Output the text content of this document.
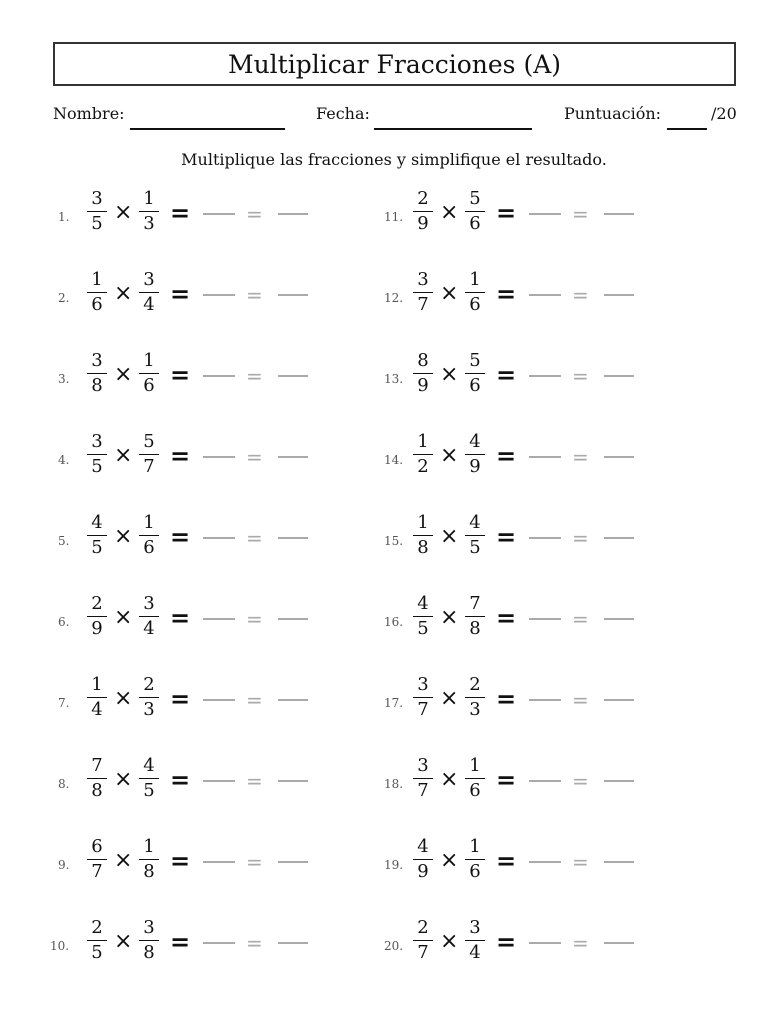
Multiplicar Fracciones (A)
Nombre:	Fecha:	Puntuación:	/20
Multiplique las fracciones y simplifique el resultado.
1. $\frac{3}{5} \times \frac{1}{3}$ =	=
2. $\frac{1}{6} \times \frac{3}{4}$ =	=
3. $\frac{3}{8} \times \frac{1}{6}$ =	=
4. $\frac{3}{5} \times \frac{5}{7}$ =	=
5. $\frac{4}{5} \times \frac{1}{6}$ =	=
6. $\frac{2}{9} \times \frac{3}{4}$ =	=
7. $\frac{1}{4} \times \frac{2}{3}$ =	=
8. $\frac{7}{8} \times \frac{4}{5}$ =	=
9. $\frac{6}{7} \times \frac{1}{8}$ =	=
10. $\frac{2}{5} \times \frac{3}{8}$ =	=
11. $\frac{2}{9} \times \frac{5}{6}$ =	=
12. $\frac{3}{7} \times \frac{1}{6}$ =	=
13. $\frac{8}{9} \times \frac{5}{6}$ =	=
14. $\frac{1}{2} \times \frac{4}{9}$ =	=
15. $\frac{1}{8} \times \frac{4}{5}$ =	=
16. $\frac{4}{5} \times \frac{7}{8}$ =	=
17. $\frac{3}{7} \times \frac{2}{3}$ =	=
18. $\frac{3}{7} \times \frac{1}{6}$ =	=
19. $\frac{4}{9} \times \frac{1}{6}$ =	=
20. $\frac{2}{7} \times \frac{3}{4}$ =	=
